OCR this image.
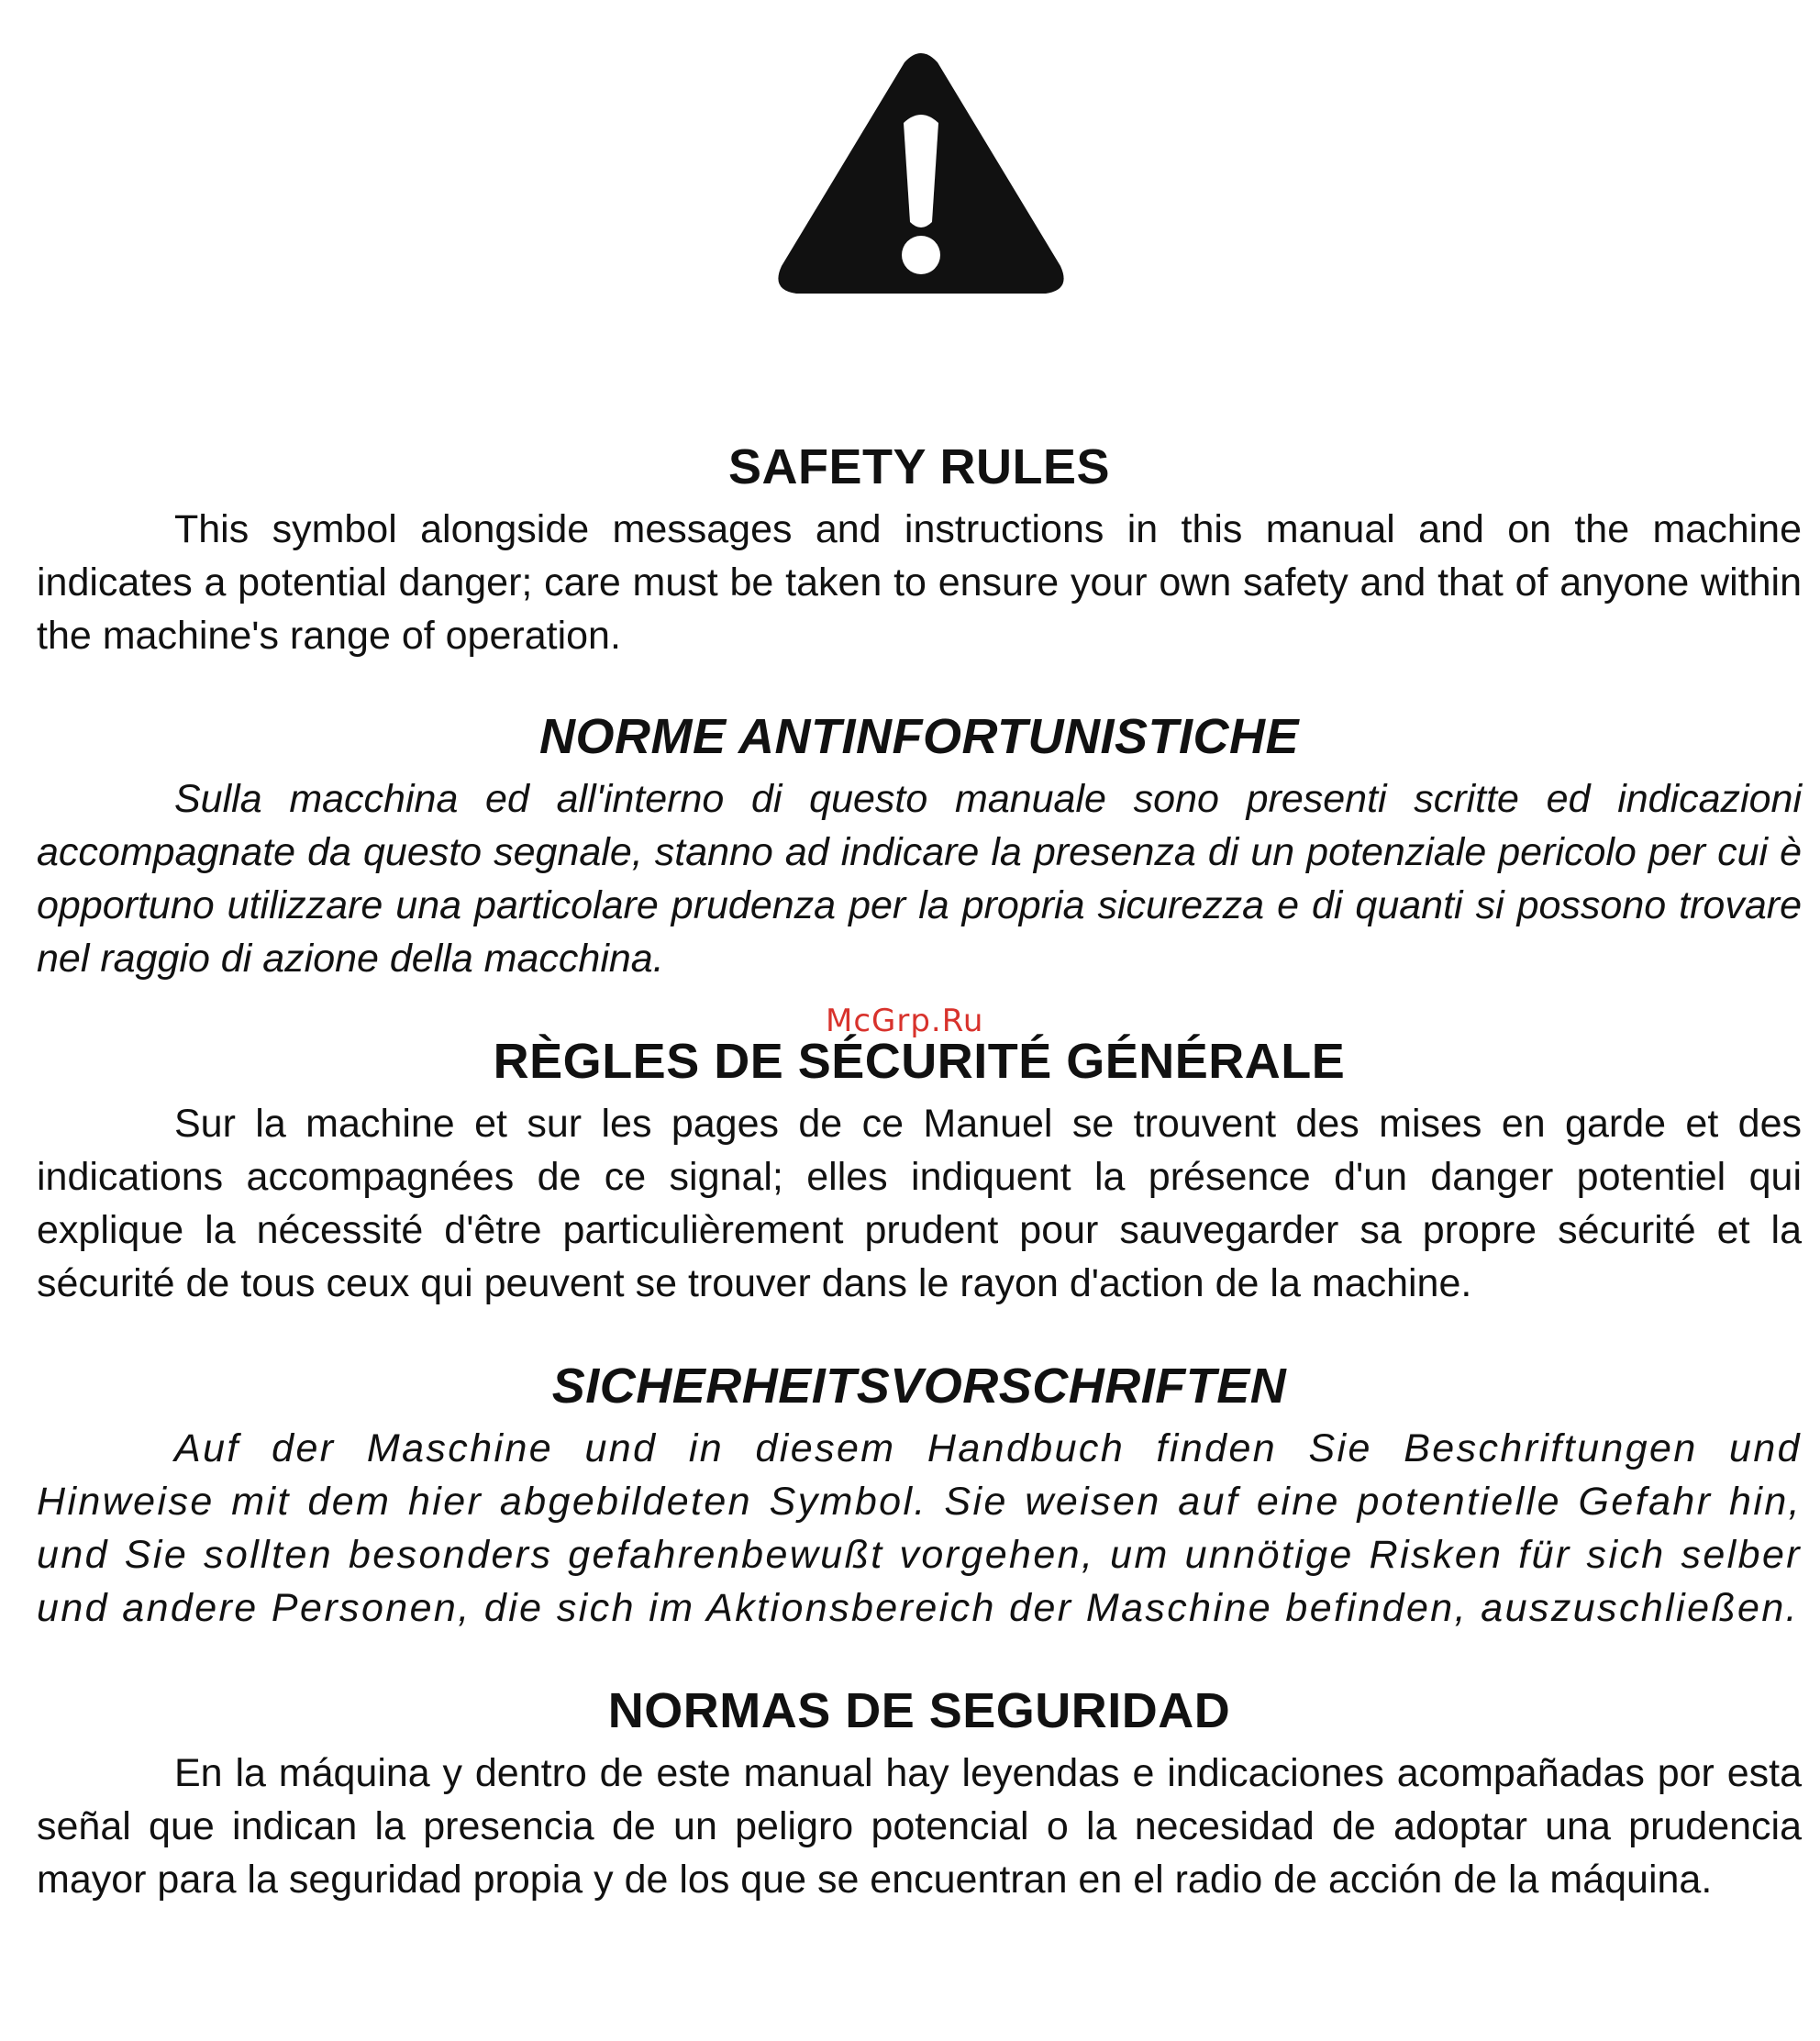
SAFETY RULES

This symbol alongside messages and instructions in this manual and on the machine indicates a potential danger; care must be taken to ensure your own safety and that of anyone within the machine's range of operation.

NORME ANTINFORTUNISTICHE

Sulla macchina ed all'interno di questo manuale sono presenti scritte ed indicazioni accompagnate da questo segnale, stanno ad indicare la presenza di un potenziale pericolo per cui è opportuno utilizzare una particolare prudenza per la propria sicurezza e di quanti si possono trovare nel raggio di azione della macchina.

McGrp.Ru
RÈGLES DE SÉCURITÉ GÉNÉRALE

Sur la machine et sur les pages de ce Manuel se trouvent des mises en garde et des indications accompagnées de ce signal; elles indiquent la présence d'un danger potentiel qui explique la nécessité d'être particulièrement prudent pour sauvegarder sa propre sécurité et la sécurité de tous ceux qui peuvent se trouver dans le rayon d'action de la machine.

SICHERHEITSVORSCHRIFTEN

Auf der Maschine und in diesem Handbuch finden Sie Beschriftungen und Hinweise mit dem hier abgebildeten Symbol. Sie weisen auf eine potentielle Gefahr hin, und Sie sollten besonders gefahrenbewußt vorgehen, um unnötige Risken für sich selber und andere Personen, die sich im Aktionsbereich der Maschine befinden, auszuschließen.

NORMAS DE SEGURIDAD

En la máquina y dentro de este manual hay leyendas e indicaciones acompañadas por esta señal que indican la presencia de un peligro potencial o la necesidad de adoptar una prudencia mayor para la seguridad propia y de los que se encuentran en el radio de acción de la máquina.
